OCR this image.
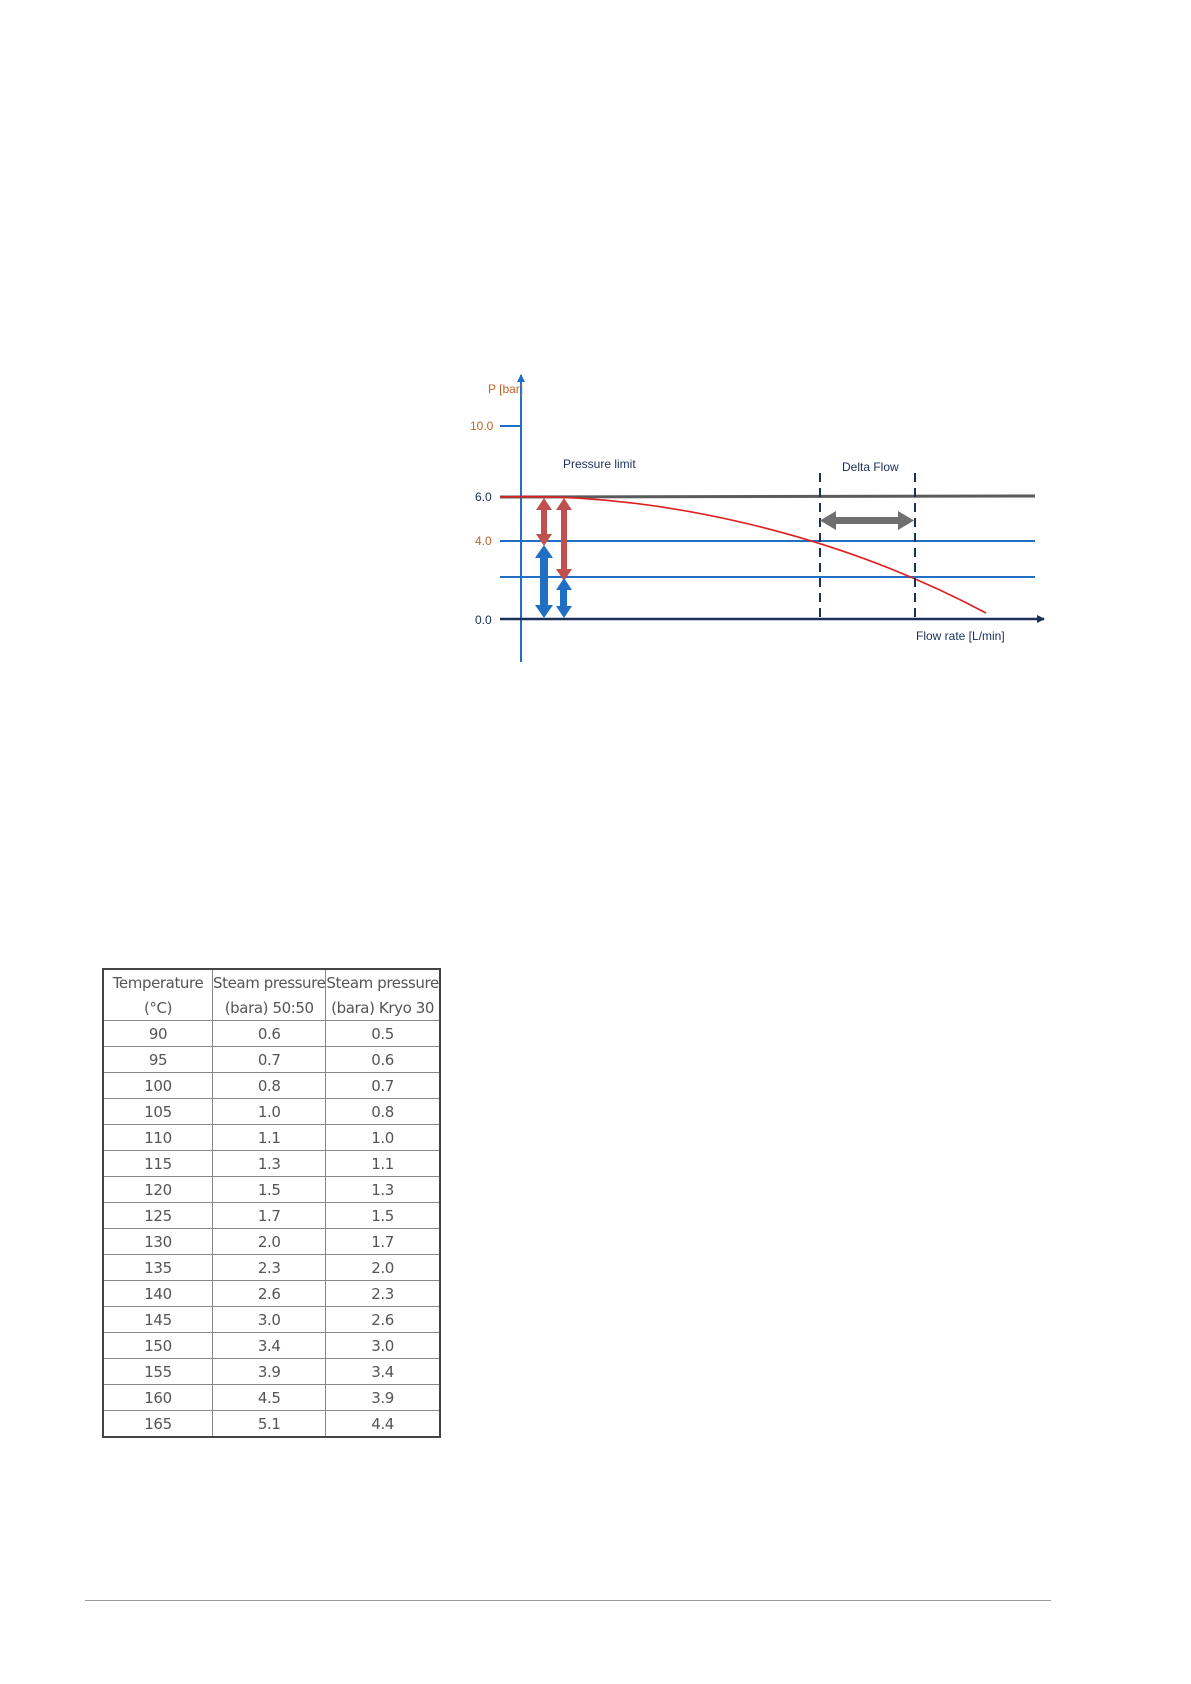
P [bar]
10.0
6.0
4.0
0.0
Pressure limit	Delta Flow
Flow rate [L/min]
Temperature	Steam pressure	Steam pressure
(°C)	(bara) 50:50	(bara) Kryo 30
90	0.6	0.5
95	0.7	0.6
100	0.8	0.7
105	1.0	0.8
110	1.1	1.0
115	1.3	1.1
120	1.5	1.3
125	1.7	1.5
130	2.0	1.7
135	2.3	2.0
140	2.6	2.3
145	3.0	2.6
150	3.4	3.0
155	3.9	3.4
160	4.5	3.9
165	5.1	4.4
